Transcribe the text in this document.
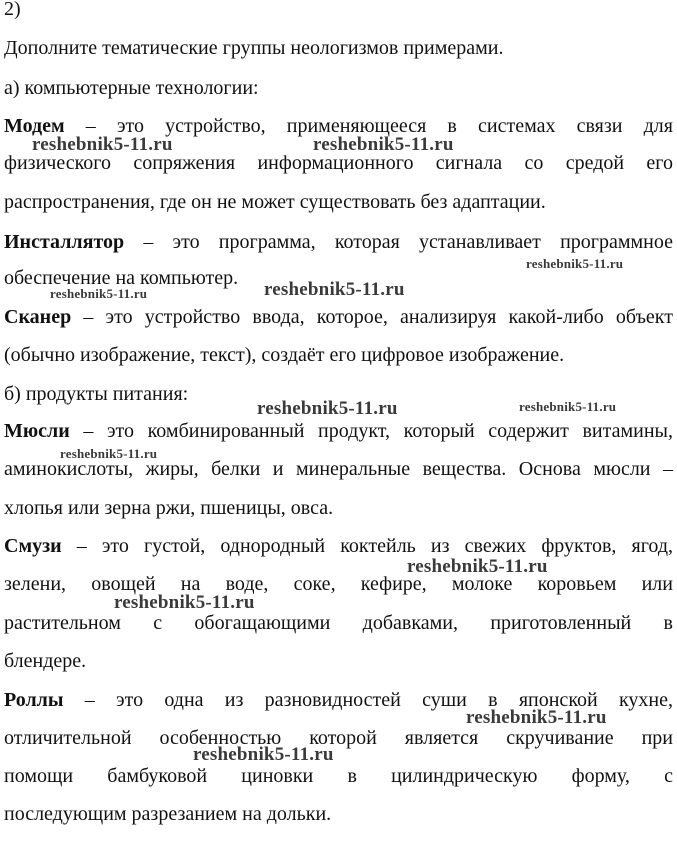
2)
Дополните тематические группы неологизмов примерами.
а) компьютерные технологии:
Модем – это устройство, применяющееся в системах связи для
физического сопряжения информационного сигнала со средой его
распространения, где он не может существовать без адаптации.
Инсталлятор – это программа, которая устанавливает программное
обеспечение на компьютер.
Сканер – это устройство ввода, которое, анализируя какой-либо объект
(обычно изображение, текст), создаёт его цифровое изображение.
б) продукты питания:
Мюсли – это комбинированный продукт, который содержит витамины,
аминокислоты, жиры, белки и минеральные вещества. Основа мюсли –
хлопья или зерна ржи, пшеницы, овса.
Смузи – это густой, однородный коктейль из свежих фруктов, ягод,
зелени, овощей на воде, соке, кефире, молоке коровьем или
растительном с обогащающими добавками, приготовленный в
блендере.
Роллы – это одна из разновидностей суши в японской кухне,
отличительной особенностью которой является скручивание при
помощи бамбуковой циновки в цилиндрическую форму, с
последующим разрезанием на дольки.
reshebnik5-11.ru	reshebnik5-11.ru
reshebnik5-11.ru
reshebnik5-11.ru
reshebnik5-11.ru
reshebnik5-11.ru	reshebnik5-11.ru
reshebnik5-11.ru
reshebnik5-11.ru
reshebnik5-11.ru
reshebnik5-11.ru
reshebnik5-11.ru
